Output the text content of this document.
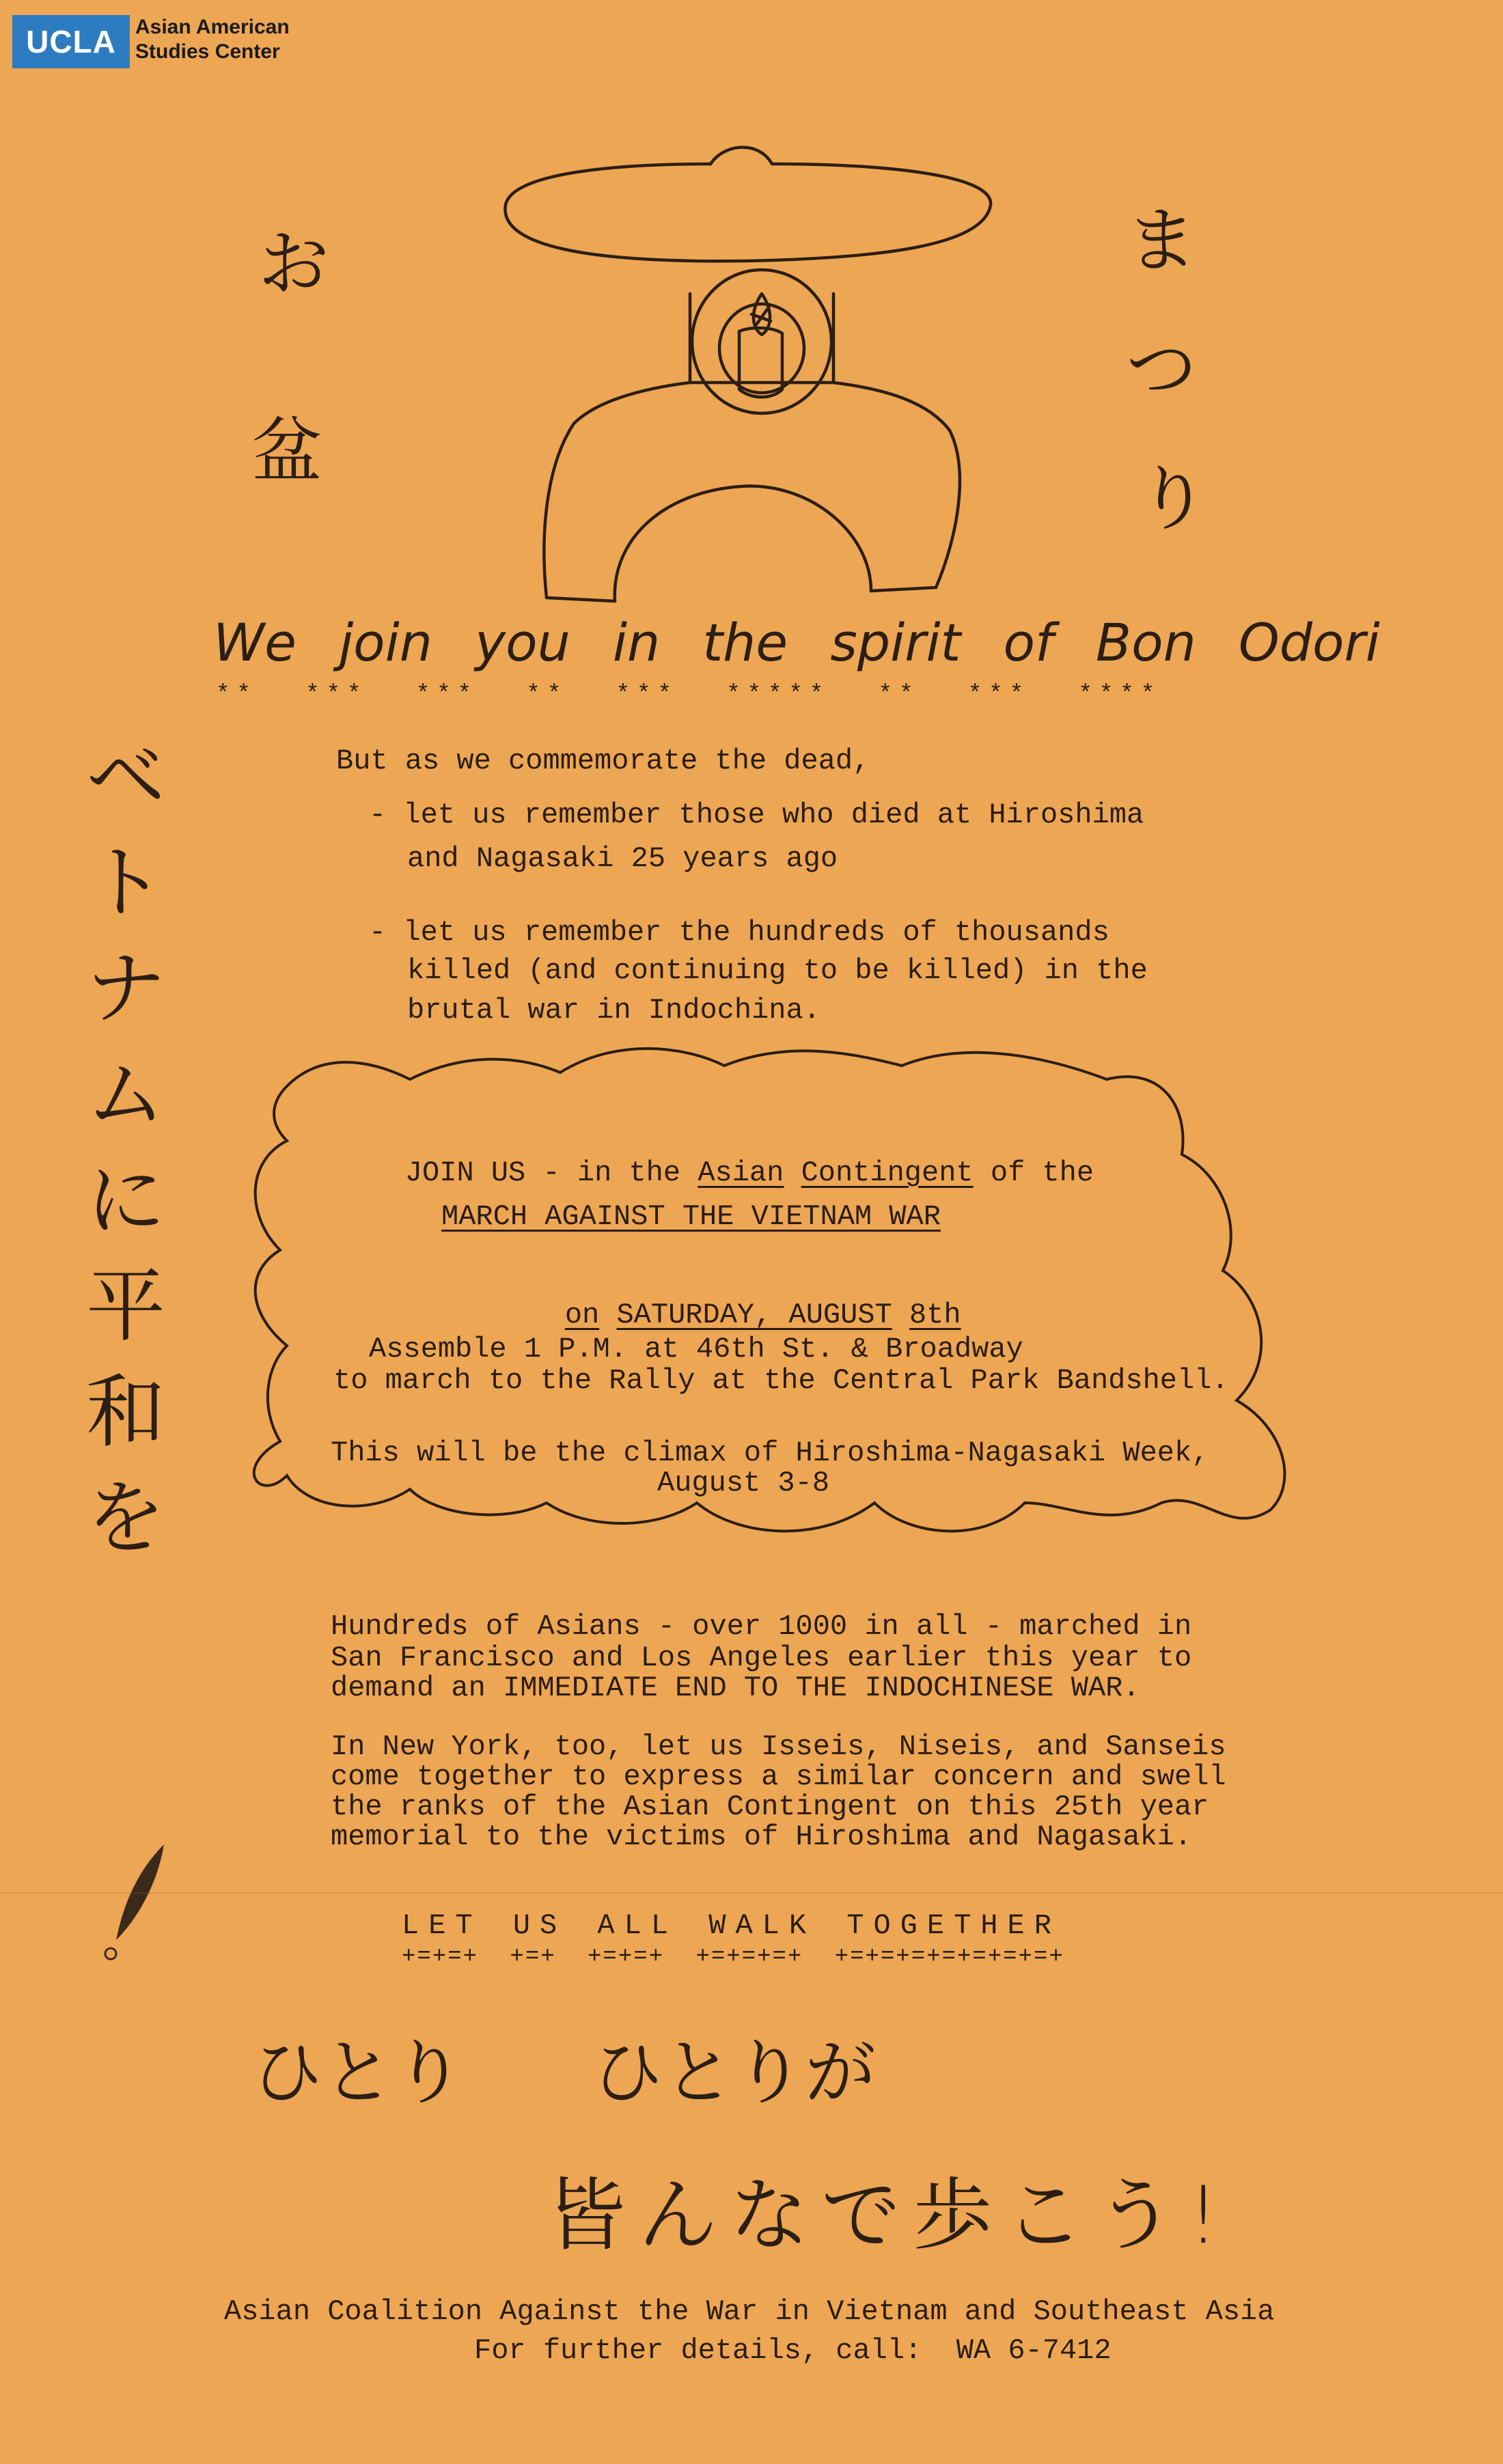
UCLA Asian American
Studies Center
お
盆
ま
つ
り
We join you in the spirit of Bon Odori
** *** *** ** *** ***** ** *** ****
ベ
ト
ナ
ム
に
平
和
を
But as we commemorate the dead,
- let us remember those who died at Hiroshima
and Nagasaki 25 years ago
- let us remember the hundreds of thousands
killed (and continuing to be killed) in the
brutal war in Indochina.

JOIN US - in the Asian Contingent of the

MARCH AGAINST THE VIETNAM WAR

on SATURDAY, AUGUST 8th

Assemble 1 P.M. at 46th St. & Broadway
to march to the Rally at the Central Park Bandshell.
This will be the climax of Hiroshima-Nagasaki Week,
August 3-8
Hundreds of Asians - over 1000 in all - marched in
San Francisco and Los Angeles earlier this year to
demand an IMMEDIATE END TO THE INDOCHINESE WAR.
In New York, too, let us Isseis, Niseis, and Sanseis
come together to express a similar concern and swell
the ranks of the Asian Contingent on this 25th year
memorial to the victims of Hiroshima and Nagasaki.
LET US ALL WALK TOGETHER
+=+=+ +=+ +=+=+ +=+=+=+ +=+=+=+=+=+=+=+
ひとり  ひとりが
皆んなで歩こう!
Asian Coalition Against the War in Vietnam and Southeast Asia
For further details, call:  WA 6-7412
